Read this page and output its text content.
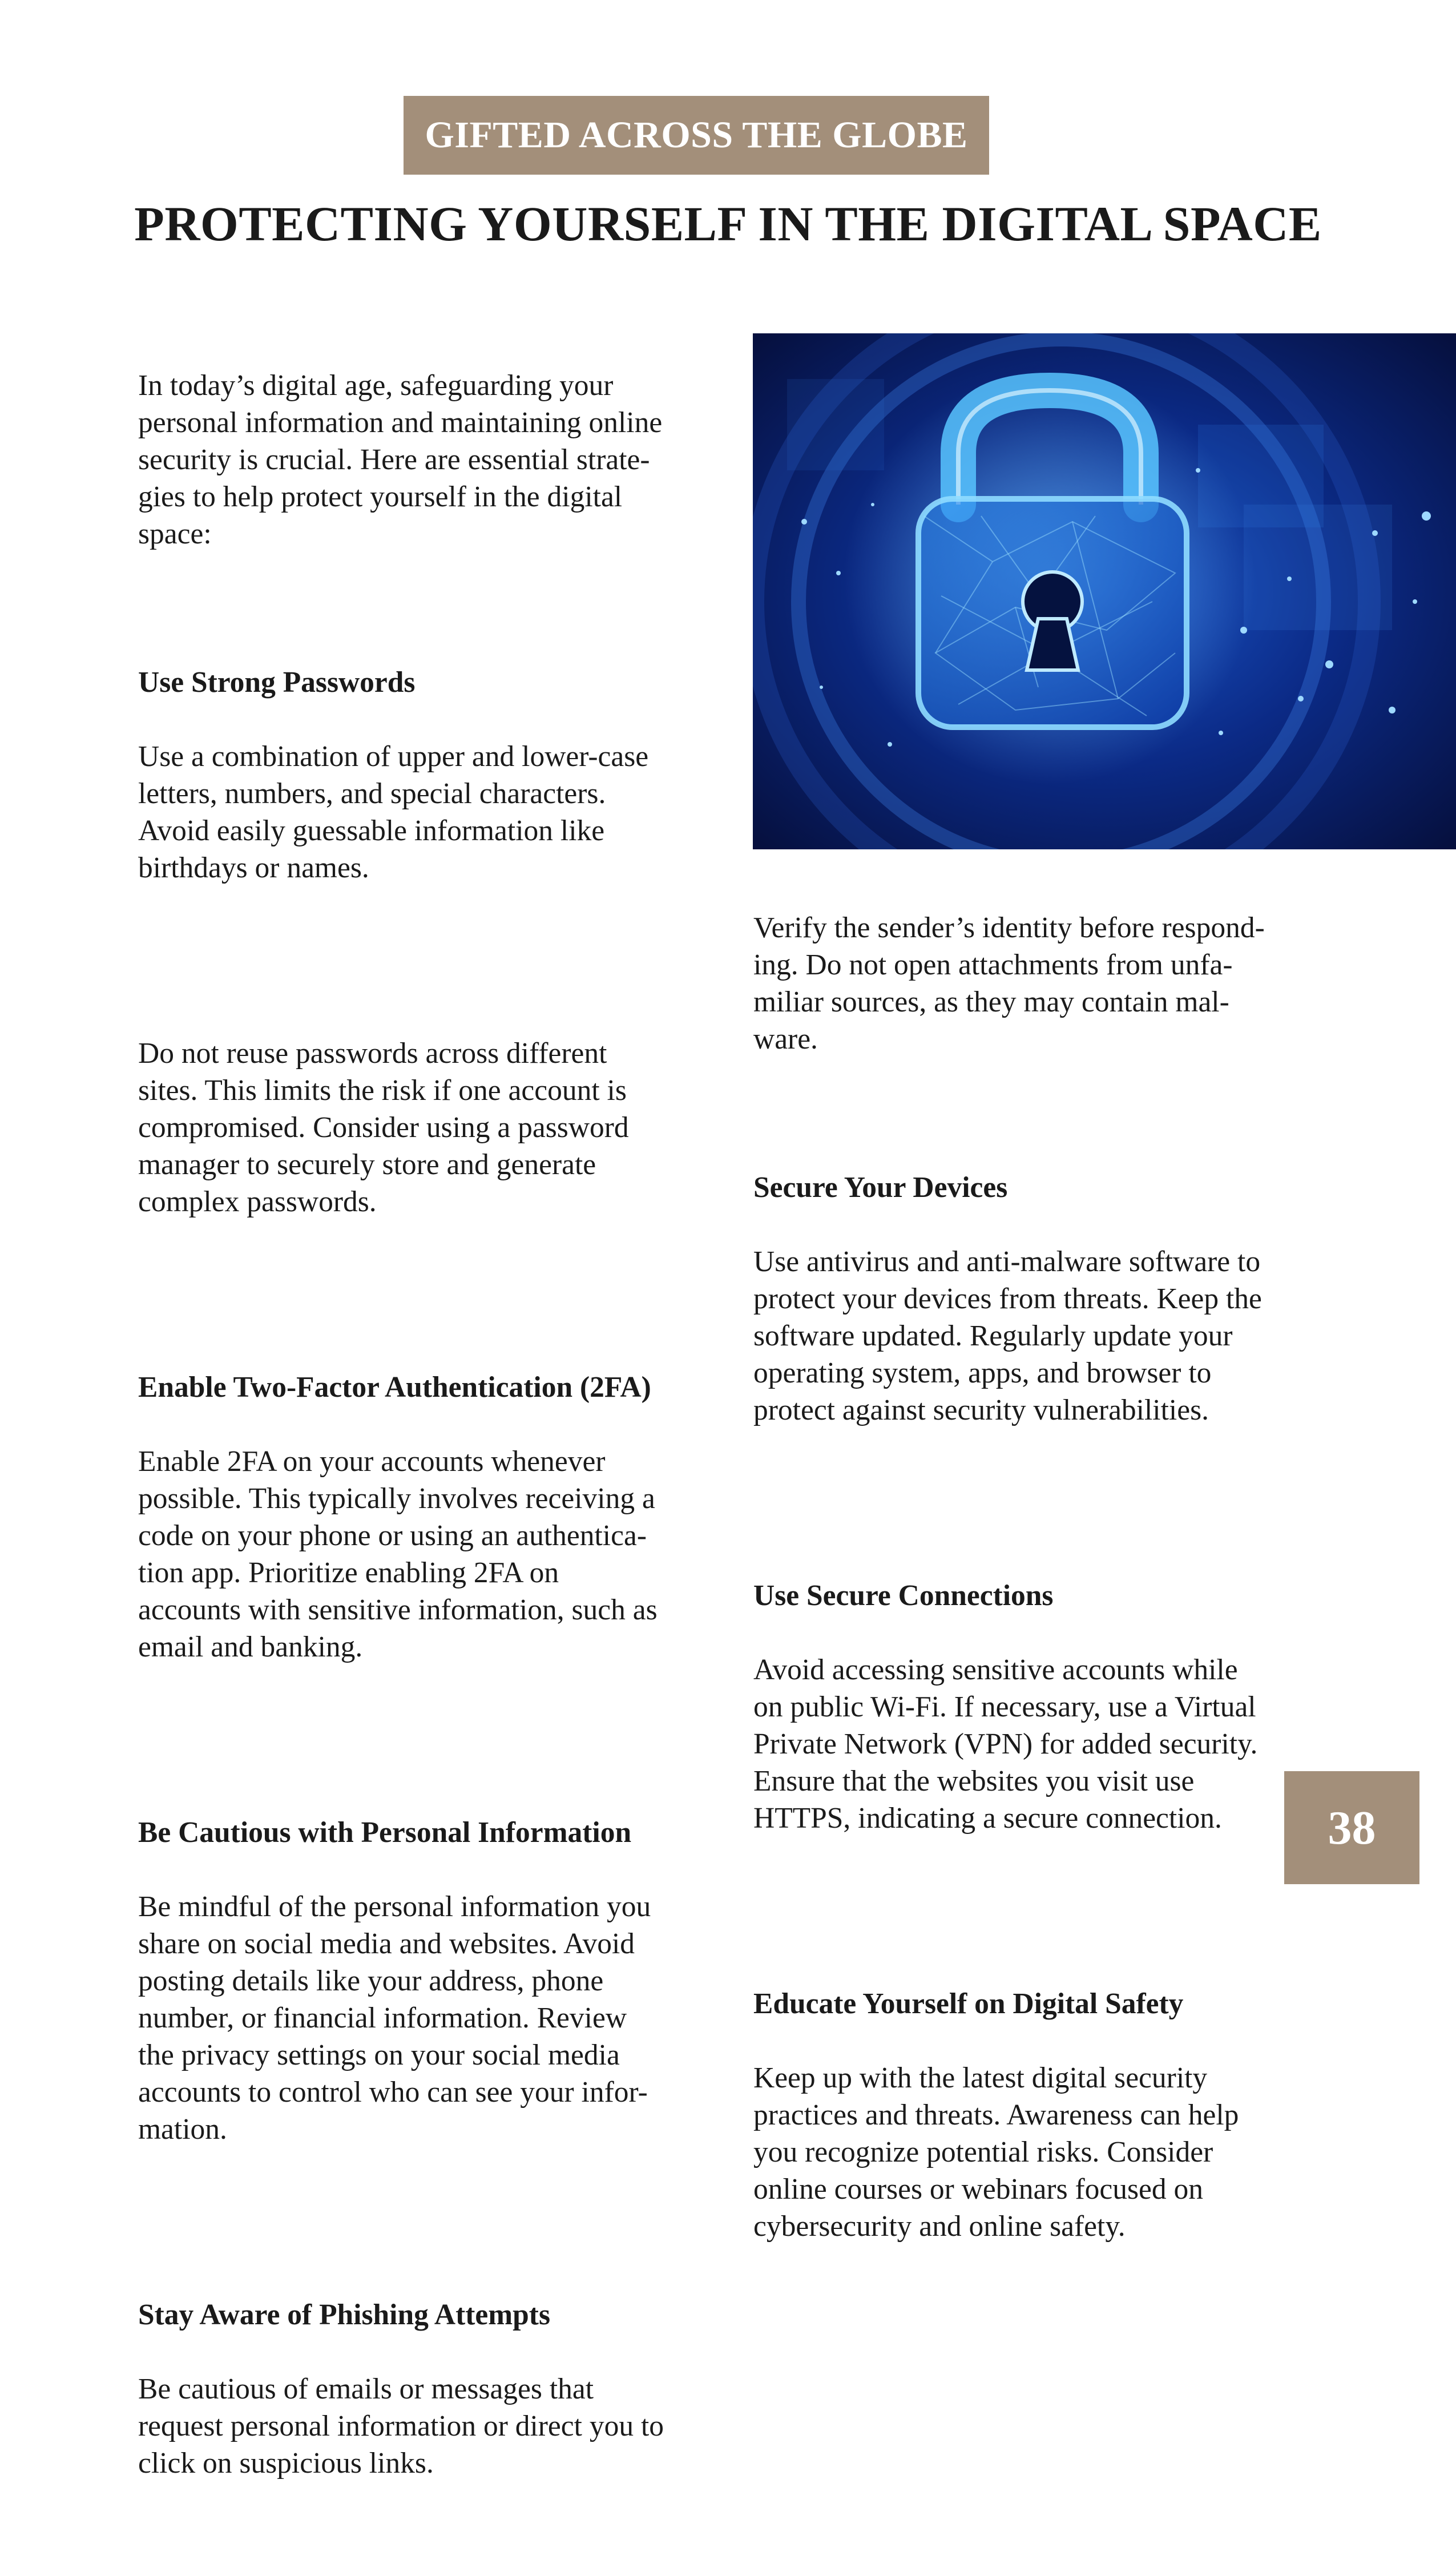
GIFTED ACROSS THE GLOBE
PROTECTING YOURSELF IN THE DIGITAL SPACE

In today’s digital age, safeguarding your
personal information and maintaining online
security is crucial. Here are essential strate-
gies to help protect yourself in the digital
space:

Use Strong Passwords

Use a combination of upper and lower-case
letters, numbers, and special characters.
Avoid easily guessable information like
birthdays or names.

Do not reuse passwords across different
sites. This limits the risk if one account is
compromised. Consider using a password
manager to securely store and generate
complex passwords.

Enable Two-Factor Authentication (2FA)

Enable 2FA on your accounts whenever
possible. This typically involves receiving a
code on your phone or using an authentica-
tion app. Prioritize enabling 2FA on
accounts with sensitive information, such as
email and banking.

Be Cautious with Personal Information

Be mindful of the personal information you
share on social media and websites. Avoid
posting details like your address, phone
number, or financial information. Review
the privacy settings on your social media
accounts to control who can see your infor-
mation.

Stay Aware of Phishing Attempts

Be cautious of emails or messages that
request personal information or direct you to
click on suspicious links.

Verify the sender’s identity before respond-
ing. Do not open attachments from unfa-
miliar sources, as they may contain mal-
ware.

Secure Your Devices

Use antivirus and anti-malware software to
protect your devices from threats. Keep the
software updated. Regularly update your
operating system, apps, and browser to
protect against security vulnerabilities.

Use Secure Connections

Avoid accessing sensitive accounts while
on public Wi-Fi. If necessary, use a Virtual
Private Network (VPN) for added security.
Ensure that the websites you visit use
HTTPS, indicating a secure connection.

Educate Yourself on Digital Safety

Keep up with the latest digital security
practices and threats. Awareness can help
you recognize potential risks. Consider
online courses or webinars focused on
cybersecurity and online safety.

38
